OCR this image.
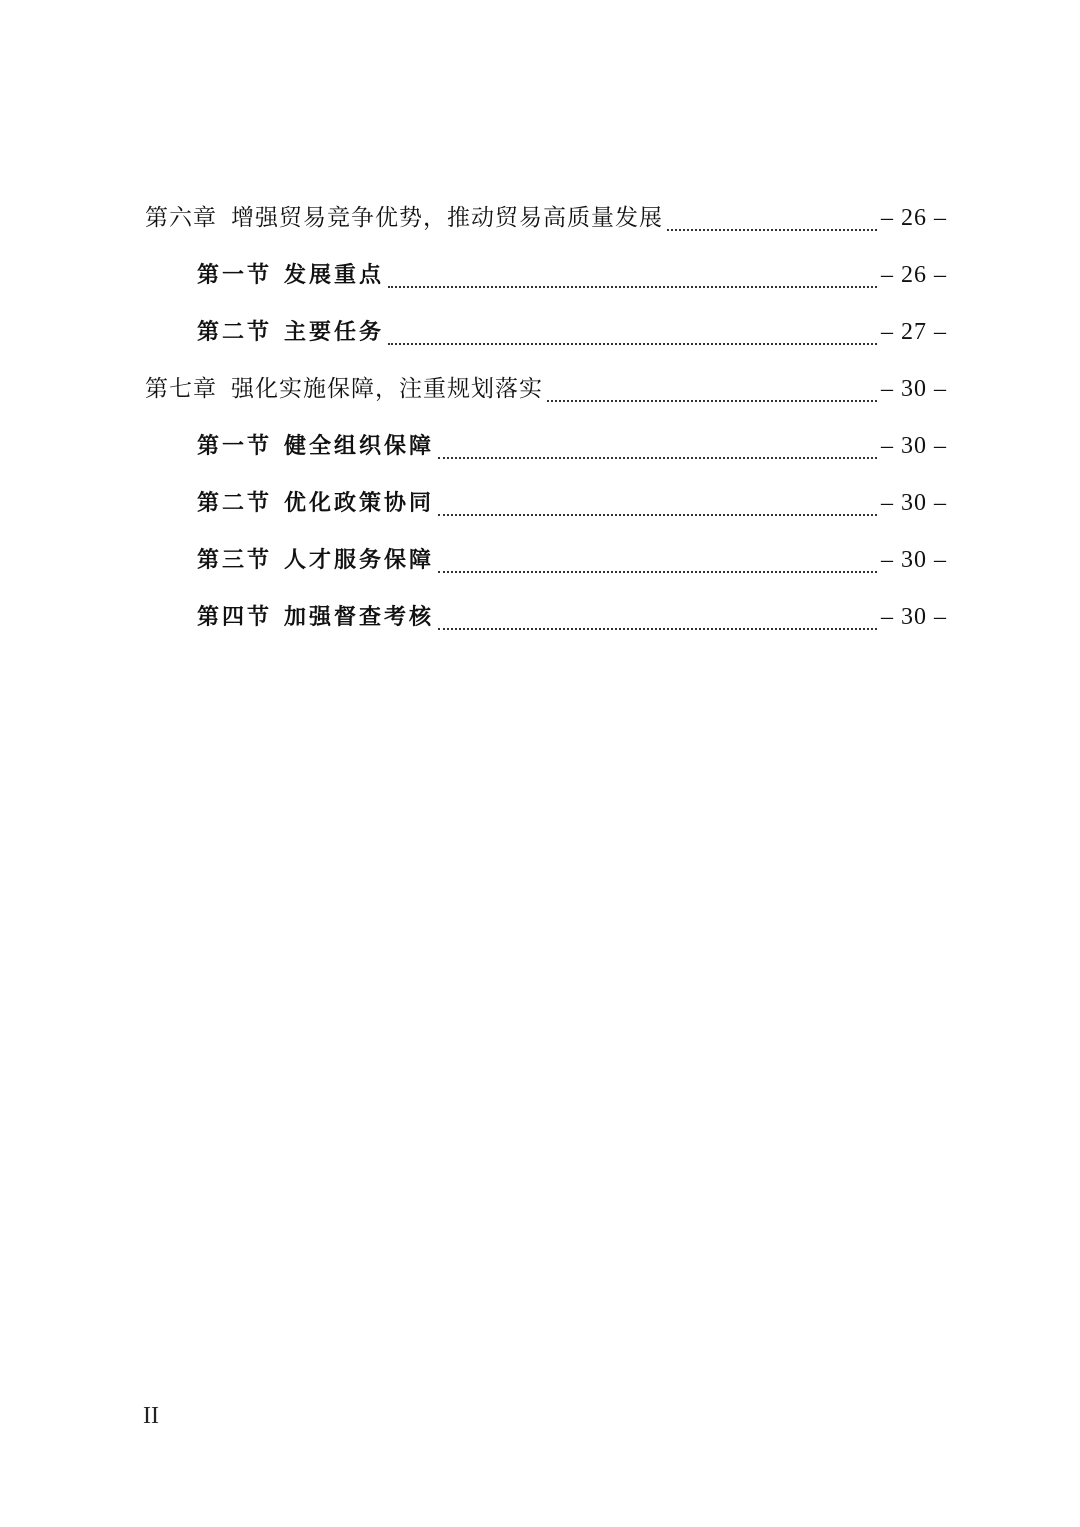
第六章 增强贸易竞争优势，推动贸易高质量发展	– 26 –
第一节 发展重点	– 26 –
第二节 主要任务	– 27 –
第七章 强化实施保障，注重规划落实	– 30 –
第一节 健全组织保障	– 30 –
第二节 优化政策协同	– 30 –
第三节 人才服务保障	– 30 –
第四节 加强督查考核	– 30 –
II
